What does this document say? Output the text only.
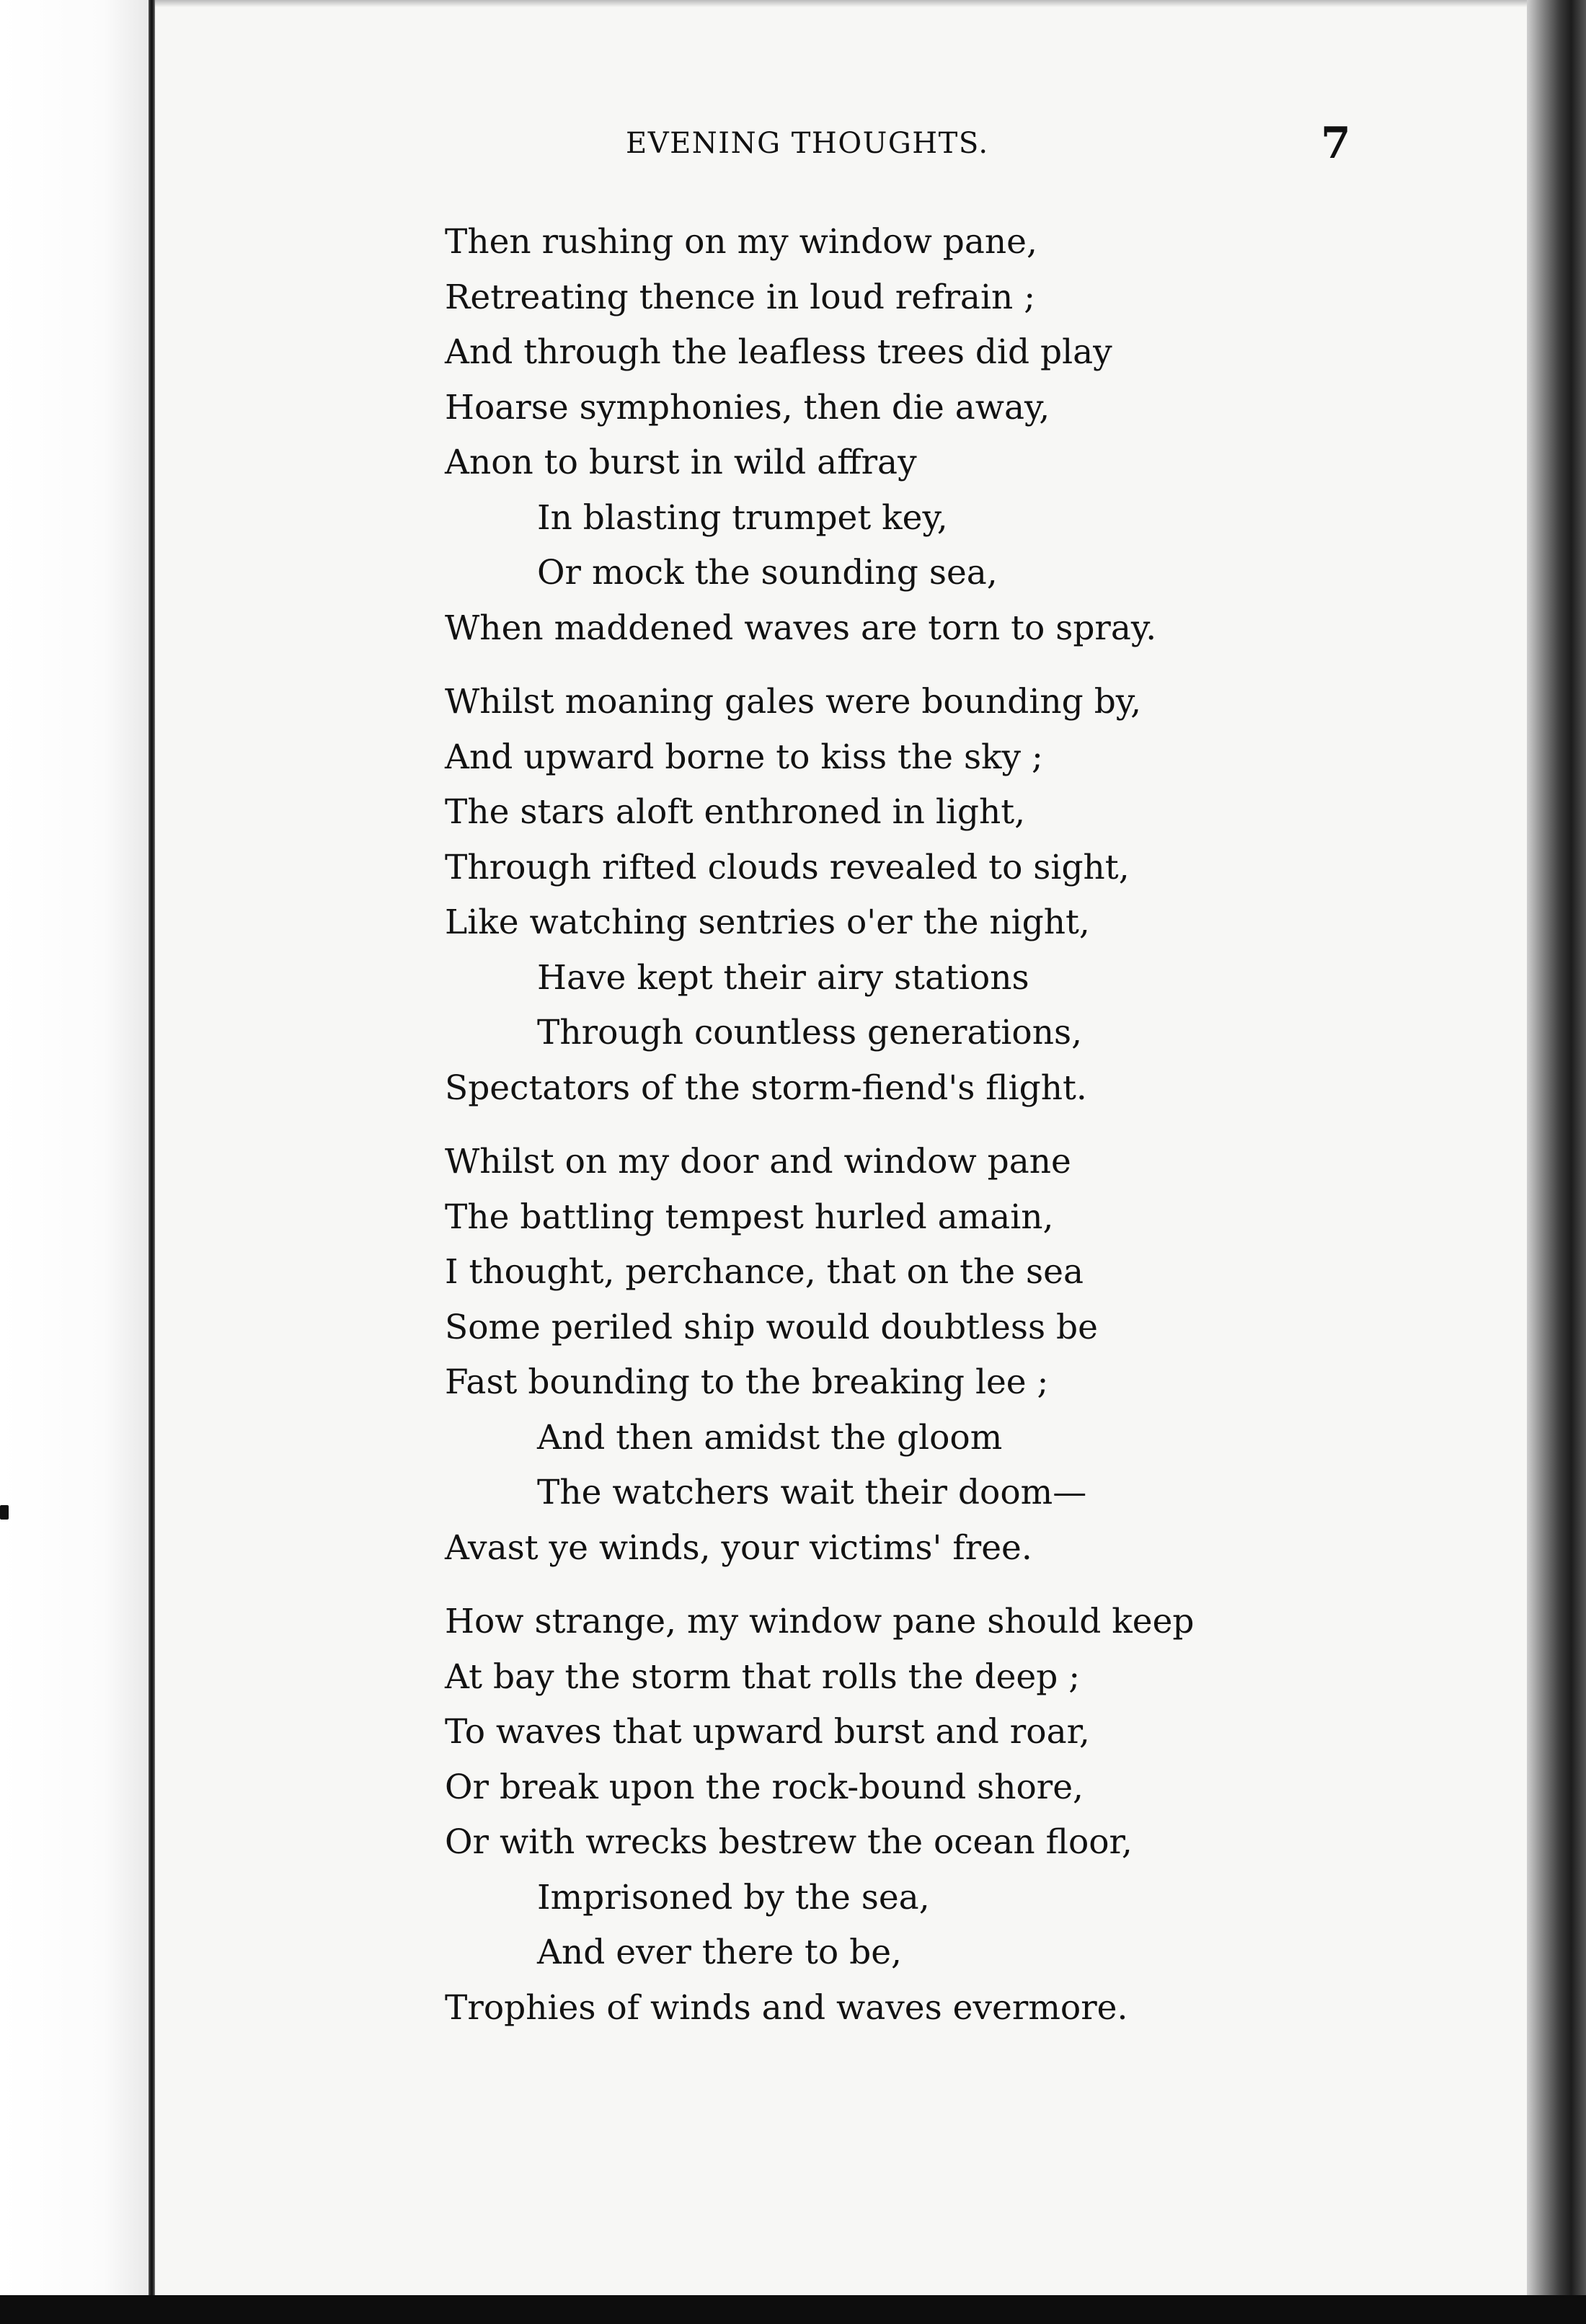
EVENING THOUGHTS.	7
Then rushing on my window pane,
Retreating thence in loud refrain ;
And through the leafless trees did play
Hoarse symphonies, then die away,
Anon to burst in wild affray
In blasting trumpet key,
Or mock the sounding sea,
When maddened waves are torn to spray.
Whilst moaning gales were bounding by,
And upward borne to kiss the sky ;
The stars aloft enthroned in light,
Through rifted clouds revealed to sight,
Like watching sentries o'er the night,
Have kept their airy stations
Through countless generations,
Spectators of the storm-fiend's flight.
Whilst on my door and window pane
The battling tempest hurled amain,
I thought, perchance, that on the sea
Some periled ship would doubtless be
Fast bounding to the breaking lee ;
And then amidst the gloom
The watchers wait their doom—
Avast ye winds, your victims' free.
How strange, my window pane should keep
At bay the storm that rolls the deep ;
To waves that upward burst and roar,
Or break upon the rock-bound shore,
Or with wrecks bestrew the ocean floor,
Imprisoned by the sea,
And ever there to be,
Trophies of winds and waves evermore.
